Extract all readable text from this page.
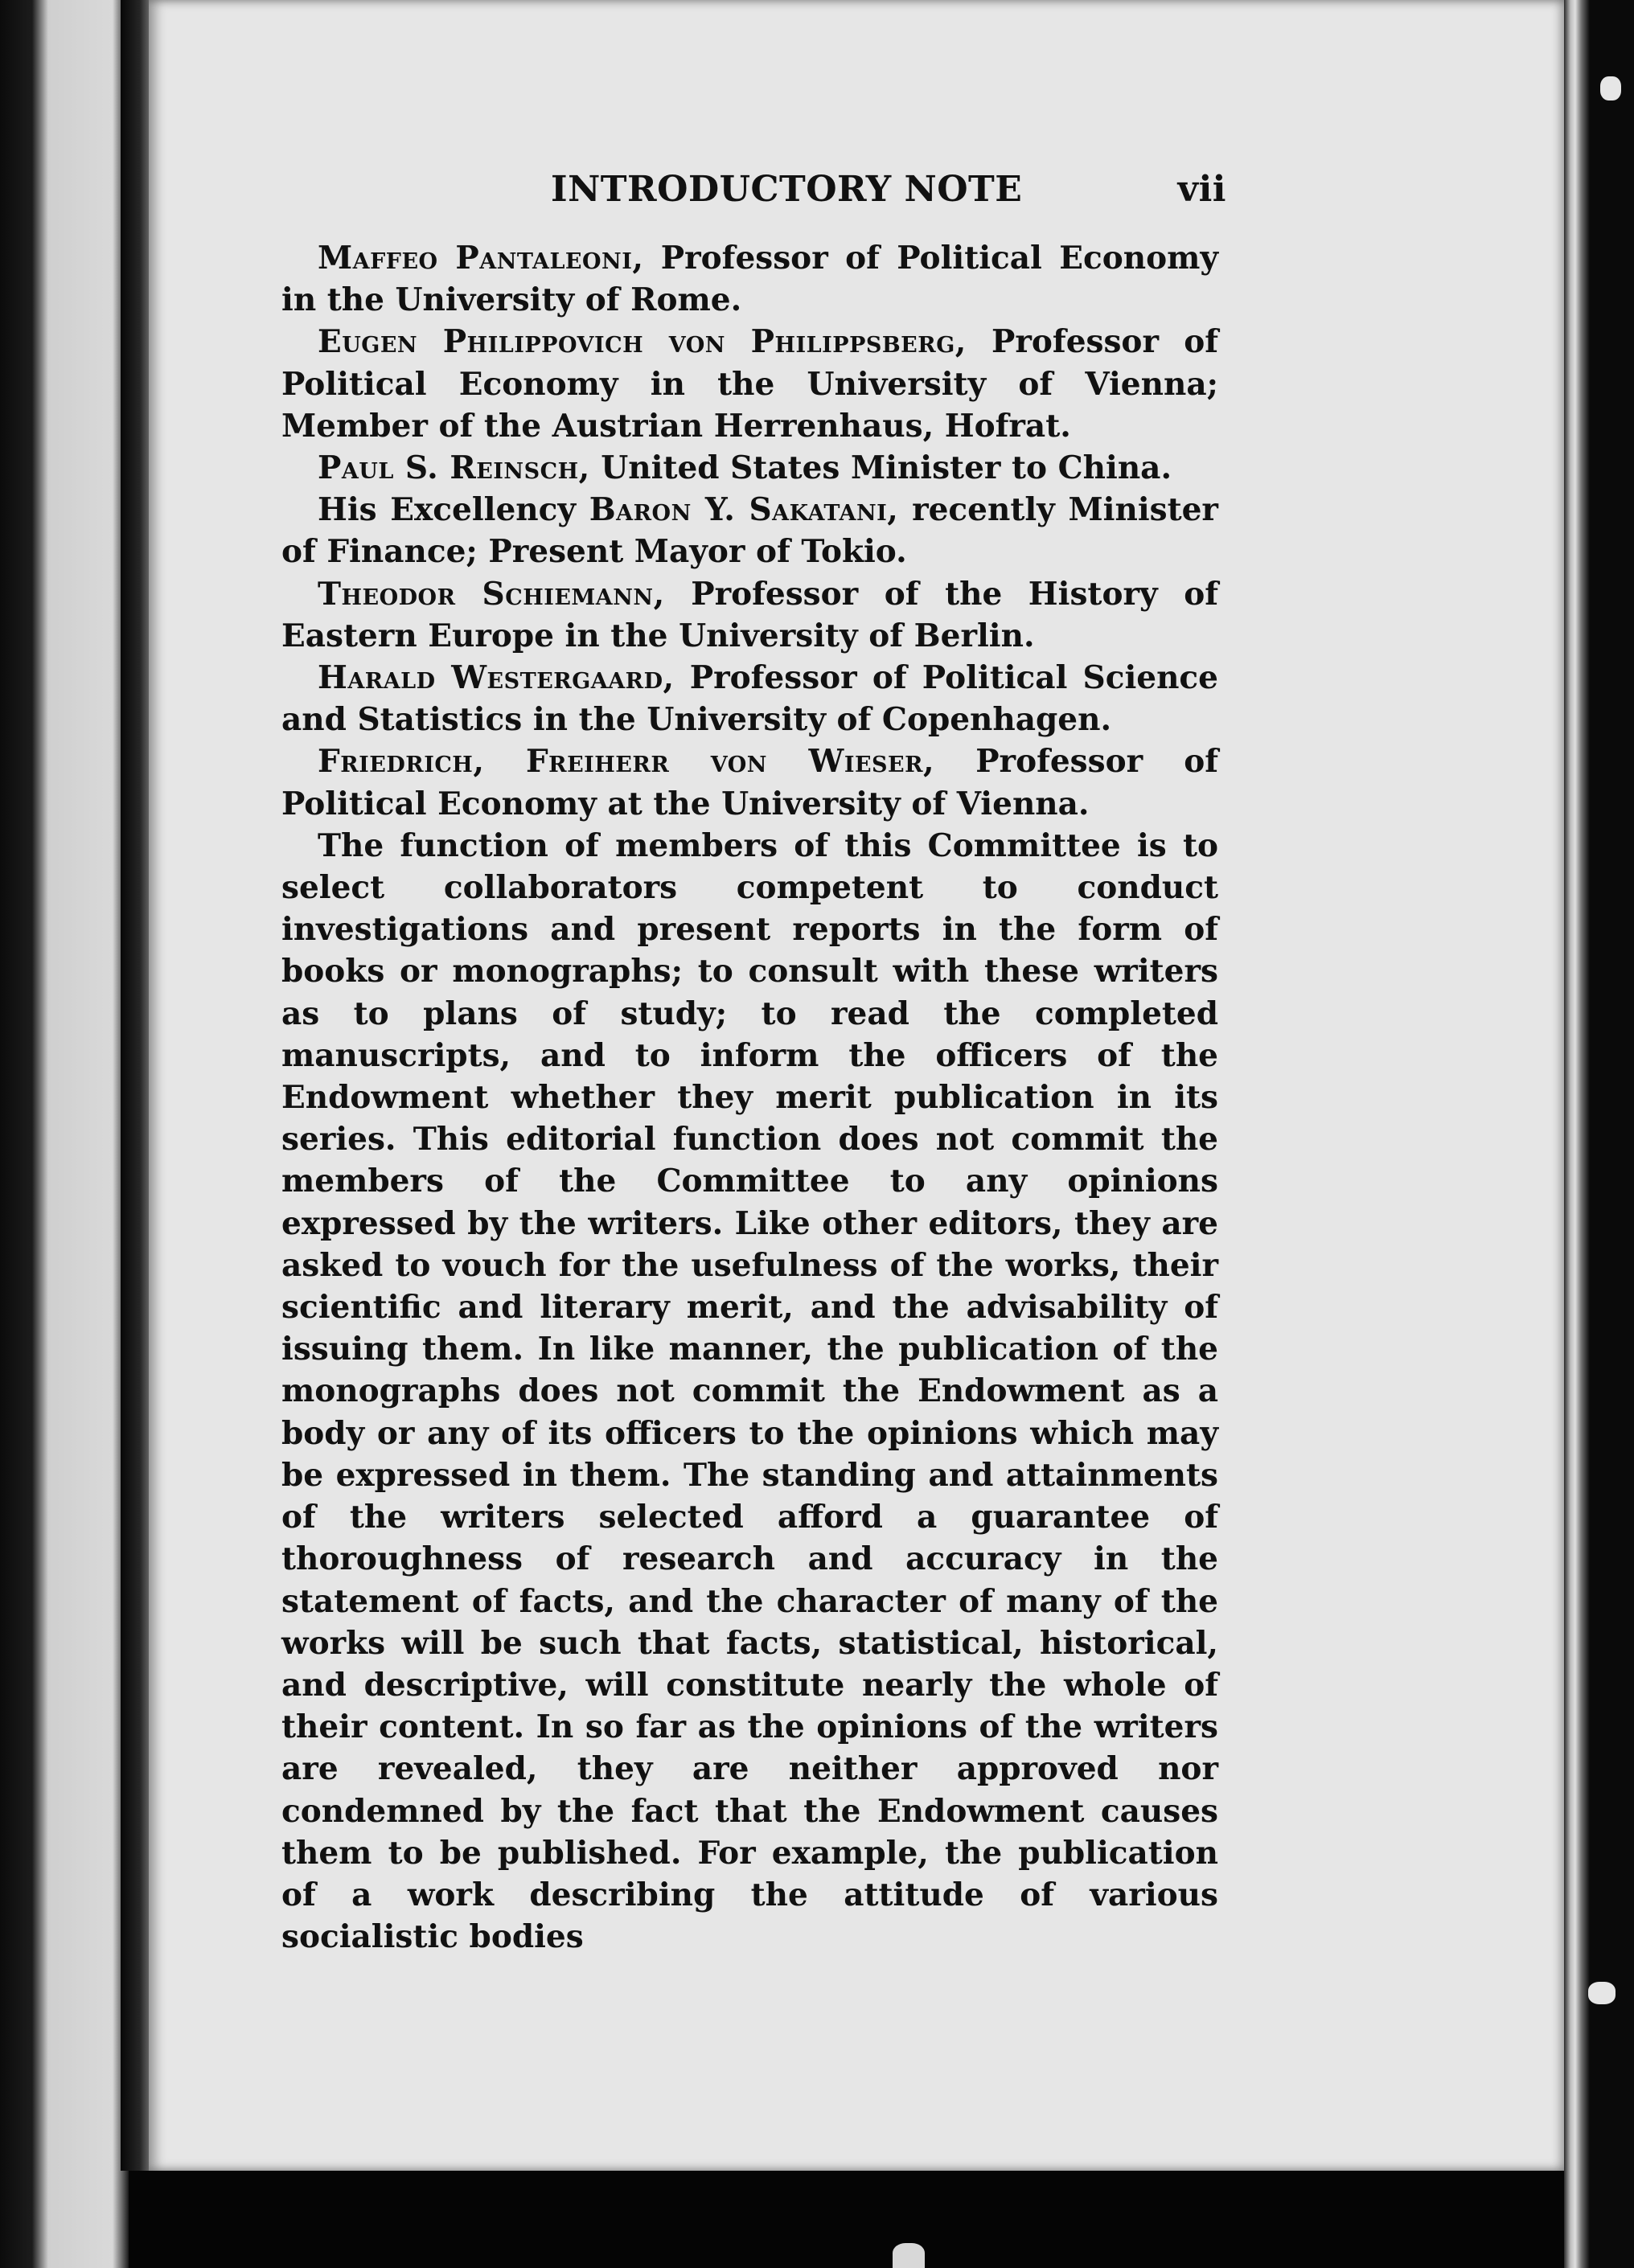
INTRODUCTORY NOTE	vii

Maffeo Pantaleoni, Professor of Political Economy in the University of Rome.

Eugen Philippovich von Philippsberg, Professor of Political Economy in the University of Vienna; Member of the Austrian Herrenhaus, Hofrat.

Paul S. Reinsch, United States Minister to China.

His Excellency Baron Y. Sakatani, recently Minister of Finance; Present Mayor of Tokio.

Theodor Schiemann, Professor of the History of Eastern Europe in the University of Berlin.

Harald Westergaard, Professor of Political Science and Statistics in the University of Copenhagen.

Friedrich, Freiherr von Wieser, Professor of Political Economy at the University of Vienna.

The function of members of this Committee is to select collaborators competent to conduct investigations and present reports in the form of books or monographs; to consult with these writers as to plans of study; to read the completed manuscripts, and to inform the officers of the Endowment whether they merit publication in its series. This editorial function does not commit the members of the Committee to any opinions expressed by the writers. Like other editors, they are asked to vouch for the usefulness of the works, their scientific and literary merit, and the advisability of issuing them. In like manner, the publication of the monographs does not commit the Endowment as a body or any of its officers to the opinions which may be expressed in them. The standing and attainments of the writers selected afford a guarantee of thoroughness of research and accuracy in the statement of facts, and the character of many of the works will be such that facts, statistical, historical, and descriptive, will constitute nearly the whole of their content. In so far as the opinions of the writers are revealed, they are neither approved nor condemned by the fact that the Endowment causes them to be published. For example, the publication of a work describing the attitude of various socialistic bodies
